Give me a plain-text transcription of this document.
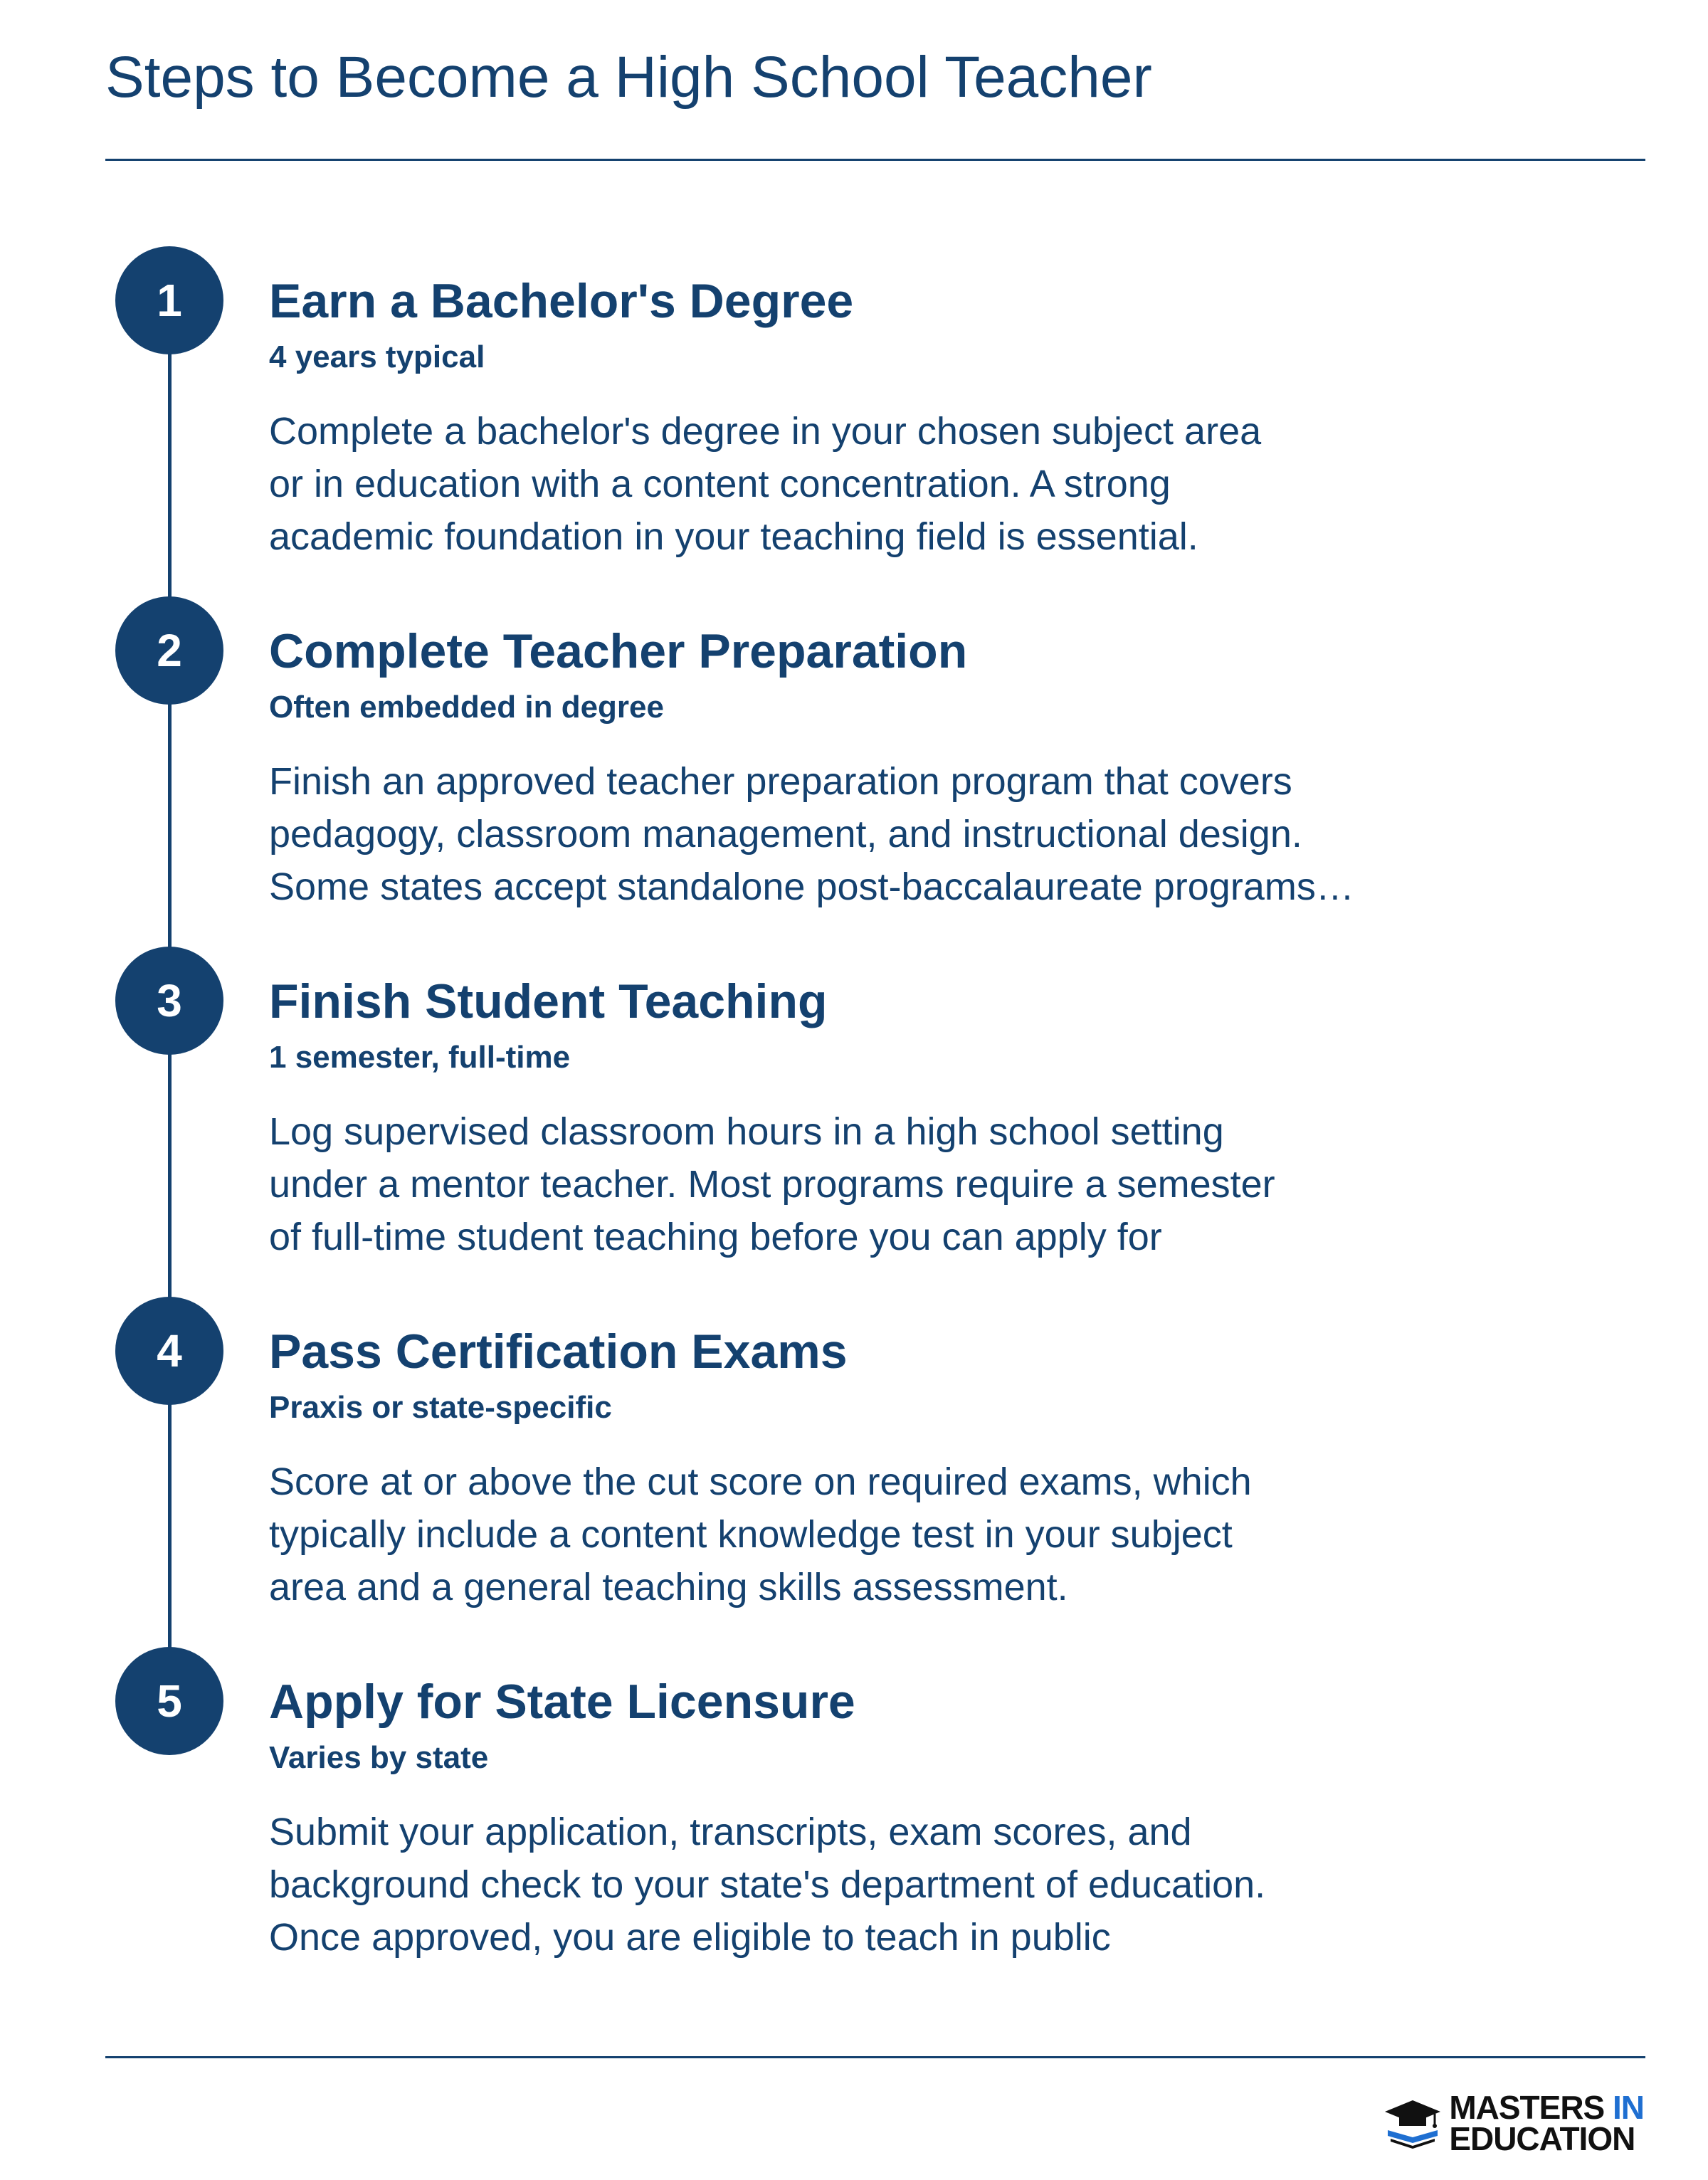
Steps to Become a High School Teacher
1	Earn a Bachelor's Degree

4 years typical

Complete a bachelor's degree in your chosen subject area
or in education with a content concentration. A strong
academic foundation in your teaching field is essential.

2	Complete Teacher Preparation

Often embedded in degree

Finish an approved teacher preparation program that covers
pedagogy, classroom management, and instructional design.
Some states accept standalone post-baccalaureate programs…

3	Finish Student Teaching

1 semester, full-time

Log supervised classroom hours in a high school setting
under a mentor teacher. Most programs require a semester
of full-time student teaching before you can apply for

4	Pass Certification Exams

Praxis or state-specific

Score at or above the cut score on required exams, which
typically include a content knowledge test in your subject
area and a general teaching skills assessment.

5	Apply for State Licensure

Varies by state

Submit your application, transcripts, exam scores, and
background check to your state's department of education.
Once approved, you are eligible to teach in public

MASTERS IN
EDUCATION
